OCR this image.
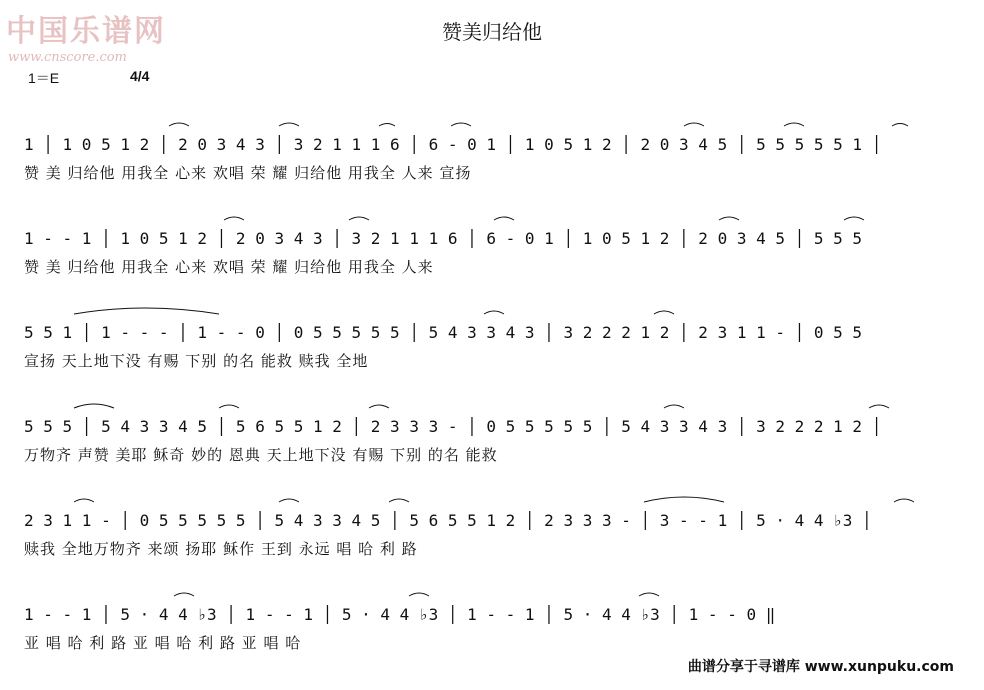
中国乐谱网
www.cnscore.com
赞美归给他
1＝E	4/4
1 │ 1 0 5 1 2 │ 2 0 3 4 3 │ 3 2 1 1 1 6 │ 6 - 0 1 │ 1 0 5 1 2 │ 2 0 3 4 5 │ 5 5 5 5 5 1 │
赞 美 归给他 用我全 心来 欢唱 荣 耀 归给他 用我全 人来 宣扬
1 - - 1 │ 1 0 5 1 2 │ 2 0 3 4 3 │ 3 2 1 1 1 6 │ 6 - 0 1 │ 1 0 5 1 2 │ 2 0 3 4 5 │ 5 5 5
赞 美 归给他 用我全 心来 欢唱 荣 耀 归给他 用我全 人来
5 5 1 │ 1 - - - │ 1 - - 0 │ 0 5 5 5 5 5 │ 5 4 3 3 4 3 │ 3 2 2 2 1 2 │ 2 3 1 1 - │ 0 5 5
宣扬 天上地下没 有赐 下别 的名 能救 赎我 全地
5 5 5 │ 5 4 3 3 4 5 │ 5 6 5 5 1 2 │ 2 3 3 3 - │ 0 5 5 5 5 5 │ 5 4 3 3 4 3 │ 3 2 2 2 1 2 │
万物齐 声赞 美耶 稣奇 妙的 恩典 天上地下没 有赐 下别 的名 能救
2 3 1 1 - │ 0 5 5 5 5 5 │ 5 4 3 3 4 5 │ 5 6 5 5 1 2 │ 2 3 3 3 - │ 3 - - 1 │ 5 · 4 4 ♭3 │
赎我 全地万物齐 来颂 扬耶 稣作 王到 永远 唱 哈 利 路
1 - - 1 │ 5 · 4 4 ♭3 │ 1 - - 1 │ 5 · 4 4 ♭3 │ 1 - - 1 │ 5 · 4 4 ♭3 │ 1 - - 0 ‖
亚 唱 哈 利 路 亚 唱 哈 利 路 亚 唱 哈
曲谱分享于寻谱库 www.xunpuku.com
